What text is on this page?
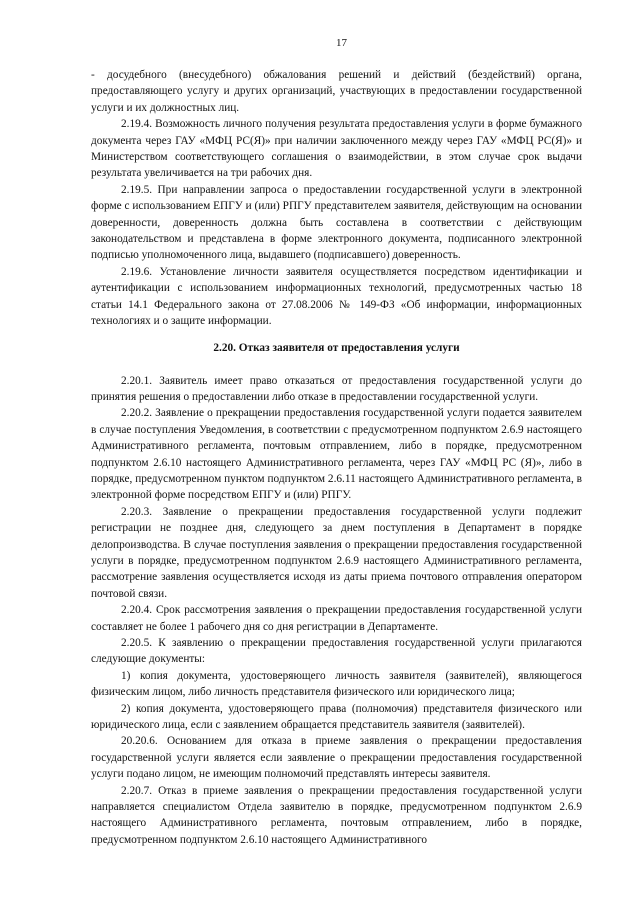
17

- досудебного (внесудебного) обжалования решений и действий (бездействий) органа, предоставляющего услугу и других организаций, участвующих в предоставлении государственной услуги и их должностных лиц.

2.19.4. Возможность личного получения результата предоставления услуги в форме бумажного документа через ГАУ «МФЦ РС(Я)» при наличии заключенного между через ГАУ «МФЦ РС(Я)» и Министерством соответствующего соглашения о взаимодействии, в этом случае срок выдачи результата увеличивается на три рабочих дня.

2.19.5. При направлении запроса о предоставлении государственной услуги в электронной форме с использованием ЕПГУ и (или) РПГУ представителем заявителя, действующим на основании доверенности, доверенность должна быть составлена в соответствии с действующим законодательством и представлена в форме электронного документа, подписанного электронной подписью уполномоченного лица, выдавшего (подписавшего) доверенность.

2.19.6. Установление личности заявителя осуществляется посредством идентификации и аутентификации с использованием информационных технологий, предусмотренных частью 18 статьи 14.1 Федерального закона от 27.08.2006 № 149-ФЗ «Об информации, информационных технологиях и о защите информации.

2.20. Отказ заявителя от предоставления услуги

2.20.1. Заявитель имеет право отказаться от предоставления государственной услуги до принятия решения о предоставлении либо отказе в предоставлении государственной услуги.

2.20.2. Заявление о прекращении предоставления государственной услуги подается заявителем в случае поступления Уведомления, в соответствии с предусмотренном подпунктом 2.6.9 настоящего Административного регламента, почтовым отправлением, либо в порядке, предусмотренном подпунктом 2.6.10 настоящего Административного регламента, через ГАУ «МФЦ РС (Я)», либо в порядке, предусмотренном пунктом подпунктом 2.6.11 настоящего Административного регламента, в электронной форме посредством ЕПГУ и (или) РПГУ.

2.20.3. Заявление о прекращении предоставления государственной услуги подлежит регистрации не позднее дня, следующего за днем поступления в Департамент в порядке делопроизводства. В случае поступления заявления о прекращении предоставления государственной услуги в порядке, предусмотренном подпунктом 2.6.9 настоящего Административного регламента, рассмотрение заявления осуществляется исходя из даты приема почтового отправления оператором почтовой связи.

2.20.4. Срок рассмотрения заявления о прекращении предоставления государственной услуги составляет не более 1 рабочего дня со дня регистрации в Департаменте.

2.20.5. К заявлению о прекращении предоставления государственной услуги прилагаются следующие документы:

1) копия документа, удостоверяющего личность заявителя (заявителей), являющегося физическим лицом, либо личность представителя физического или юридического лица;

2) копия документа, удостоверяющего права (полномочия) представителя физического или юридического лица, если с заявлением обращается представитель заявителя (заявителей).

20.20.6. Основанием для отказа в приеме заявления о прекращении предоставления государственной услуги является если заявление о прекращении предоставления государственной услуги подано лицом, не имеющим полномочий представлять интересы заявителя.

2.20.7. Отказ в приеме заявления о прекращении предоставления государственной услуги направляется специалистом Отдела заявителю в порядке, предусмотренном подпунктом 2.6.9 настоящего Административного регламента, почтовым отправлением, либо в порядке, предусмотренном подпунктом 2.6.10 настоящего Административного
